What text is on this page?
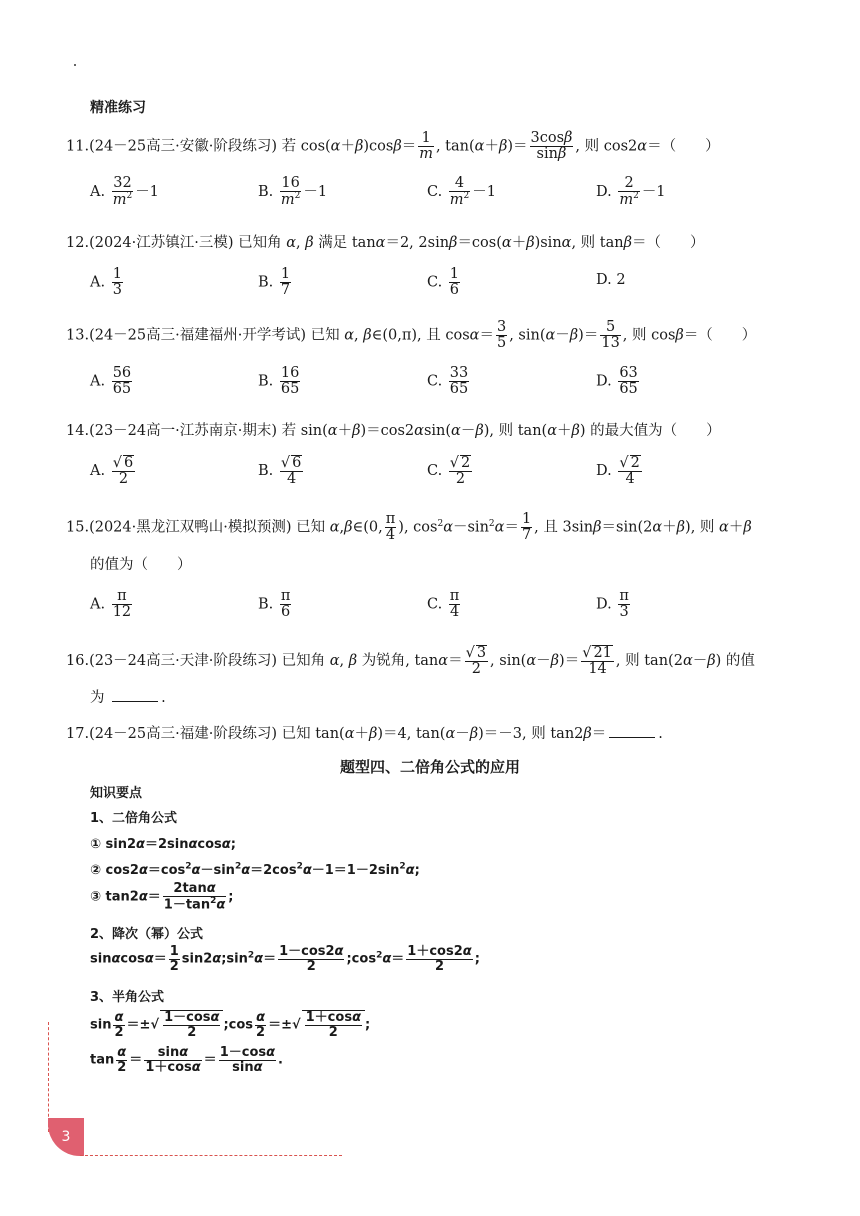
精准练习
11.(24－25高三·安徽·阶段练习) 若 $\cos(\alpha+\beta)\cos\beta= \frac{1}{m}$ , $\tan(\alpha+\beta)= \frac{3\cos\beta}{\sin\beta}$ , 则 cos2α＝（　　）
A. $\frac{32}{m^2} -1$	B. $\frac{16}{m^2} -1$	C. $\frac{4}{m^2} -1$	D. $\frac{2}{m^2} -1$
12.(2024·江苏镇江·三模) 已知角 α, β 满足 tanα＝2, 2sinβ＝cos(α＋β)sinα, 则 tanβ＝（　　）
A. $\frac{1}{3}$	B. $\frac{1}{7}$	C. $\frac{1}{6}$	D. 2
13.(24－25高三·福建福州·开学考试) 已知 α, β∈(0,π), 且 $\cos\alpha= \frac{3}{5}$ , $\sin(\alpha-\beta)= \frac{5}{13}$ , 则 cosβ＝（　　）
A. $\frac{56}{65}$	B. $\frac{16}{65}$	C. $\frac{33}{65}$	D. $\frac{63}{65}$
14.(23－24高一·江苏南京·期末) 若 sin(α＋β)＝cos2αsin(α－β), 则 tan(α＋β) 的最大值为（　　）
A. $\frac{√ 6}{2}$	B. $\frac{√ 6}{4}$	C. $\frac{√ 2}{2}$	D. $\frac{√ 2}{4}$
15.(2024·黑龙江双鸭山·模拟预测) 已知 α,β∈(0, $\frac{\pi}{4}$ ), $\cos^2\alpha-\sin^2\alpha= \frac{1}{7}$ , 且 3sinβ＝sin(2α＋β), 则 α＋β
的值为（　　）
A. $\frac{\pi}{12}$	B. $\frac{\pi}{6}$	C. $\frac{\pi}{4}$	D. $\frac{\pi}{3}$
16.(23－24高三·天津·阶段练习) 已知角 α, β 为锐角, $\tan\alpha= \frac{√ 3}{2}$ , $\sin(\alpha-\beta)= \frac{√ 21}{14}$ , 则 tan(2α－β) 的值
为	.
17.(24－25高三·福建·阶段练习) 已知 tan(α＋β)＝4, tan(α－β)＝－3, 则 tan2β＝	.
题型四、二倍角公式的应用
知识要点
1、二倍角公式
① sin2α＝2sinαcosα;
② $\cos 2\alpha=\cos^2\alpha-\sin^2\alpha=2\cos^2\alpha-1=1-2\sin^2\alpha$;
③ $\tan 2\alpha= \frac{2\tan\alpha}{1-\tan^2\alpha}$ ;
2、降次（幂）公式
$\sin\alpha\cos\alpha= \frac{1}{2}$ $\sin 2\alpha;\sin^2\alpha= \frac{1-\cos 2\alpha}{2}$ $;\cos^2\alpha= \frac{1+\cos 2\alpha}{2}$ ;
3、半角公式
$\sin \frac{\alpha}{2}$ ＝±√ $\frac{1-\cos\alpha}{2}$ ;cos $\frac{\alpha}{2}$ ＝±√ $\frac{1+\cos\alpha}{2}$ ;
$\tan \frac{\alpha}{2} = \frac{\sin\alpha}{1+\cos\alpha} = \frac{1-\cos\alpha}{\sin\alpha}$ .
3
